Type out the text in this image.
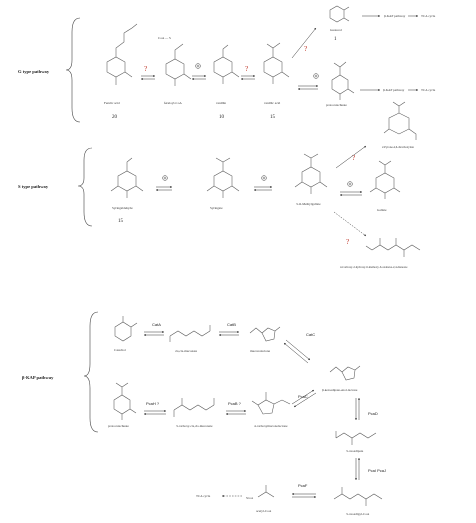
G type pathway
Ferulic acid
20
?
CoA — S
feruloyl-CoA	vanillin
10
?
vanillic acid
15
?
Guaiacol
1
β-KAP pathway	TCA cycle
protocatechuate
β-KAP pathway	TCA cycle
S type pathway
Syringaldehyde
15
Syringate
3-O-Methylgallate
?
2-Pyrone-4,6-dicarboxylate
Gallate
?
4-Carboxy-2-hydroxy-6-methoxy-6-oxohexa-2,4-dienoate
β-KAP pathway
Catechol
CatA
cis,cis-muconate
CatB
muconolactone
CatC
β-ketoadipate-enol-lactone
protocatechuate
PcaH ?
3-carboxy-cis,cis-muconate
PcaB ?
4-carboxymuconolactone
PcaC
PcaD
3-oxoadipate
PcaI PcaJ
3-oxoadipyl-CoA
PcaF
SCoA
acetyl-CoA
TCA cycle
